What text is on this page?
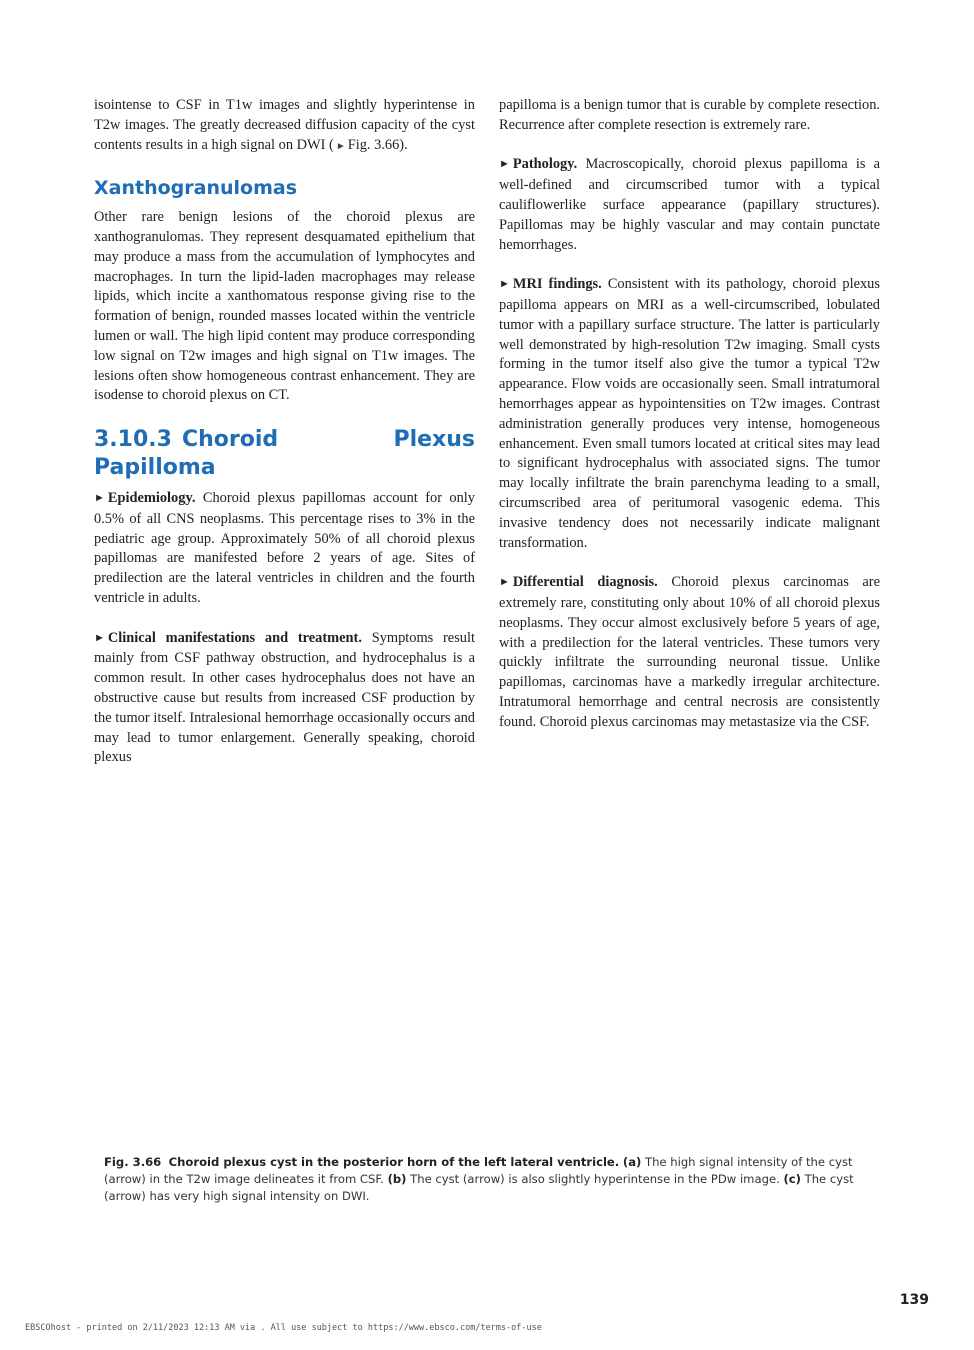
isointense to CSF in T1w images and slightly hyperintense in T2w images. The greatly decreased diffusion capacity of the cyst contents results in a high signal on DWI ( ► Fig. 3.66).

Xanthogranulomas

Other rare benign lesions of the choroid plexus are xanthogranulomas. They represent desquamated epithelium that may produce a mass from the accumulation of lymphocytes and macrophages. In turn the lipid-laden macrophages may release lipids, which incite a xanthomatous response giving rise to the formation of benign, rounded masses located within the ventricle lumen or wall. The high lipid content may produce corresponding low signal on T2w images and high signal on T1w images. The lesions often show homogeneous contrast enhancement. They are isodense to choroid plexus on CT.

3.10.3 Choroid Plexus Papilloma

► Epidemiology. Choroid plexus papillomas account for only 0.5% of all CNS neoplasms. This percentage rises to 3% in the pediatric age group. Approximately 50% of all choroid plexus papillomas are manifested before 2 years of age. Sites of predilection are the lateral ventricles in children and the fourth ventricle in adults.

► Clinical manifestations and treatment. Symptoms result mainly from CSF pathway obstruction, and hydrocephalus is a common result. In other cases hydrocephalus does not have an obstructive cause but results from increased CSF production by the tumor itself. Intralesional hemorrhage occasionally occurs and may lead to tumor enlargement. Generally speaking, choroid plexus

papilloma is a benign tumor that is curable by complete resection. Recurrence after complete resection is extremely rare.

► Pathology. Macroscopically, choroid plexus papilloma is a well-defined and circumscribed tumor with a typical cauliflowerlike surface appearance (papillary structures). Papillomas may be highly vascular and may contain punctate hemorrhages.

► MRI findings. Consistent with its pathology, choroid plexus papilloma appears on MRI as a well-circumscribed, lobulated tumor with a papillary surface structure. The latter is particularly well demonstrated by high-resolution T2w imaging. Small cysts forming in the tumor itself also give the tumor a typical T2w appearance. Flow voids are occasionally seen. Small intratumoral hemorrhages appear as hypointensities on T2w images. Contrast administration generally produces very intense, homogeneous enhancement. Even small tumors located at critical sites may lead to significant hydrocephalus with associated signs. The tumor may locally infiltrate the brain parenchyma leading to a small, circumscribed area of peritumoral vasogenic edema. This invasive tendency does not necessarily indicate malignant transformation.

► Differential diagnosis. Choroid plexus carcinomas are extremely rare, constituting only about 10% of all choroid plexus neoplasms. They occur almost exclusively before 5 years of age, with a predilection for the lateral ventricles. These tumors very quickly infiltrate the surrounding neuronal tissue. Unlike papillomas, carcinomas have a markedly irregular architecture. Intratumoral hemorrhage and central necrosis are consistently found. Choroid plexus carcinomas may metastasize via the CSF.

Fig. 3.66 Choroid plexus cyst in the posterior horn of the left lateral ventricle. (a) The high signal intensity of the cyst (arrow) in the T2w image delineates it from CSF. (b) The cyst (arrow) is also slightly hyperintense in the PDw image. (c) The cyst (arrow) has very high signal intensity on DWI.
139
EBSCOhost - printed on 2/11/2023 12:13 AM via . All use subject to https://www.ebsco.com/terms-of-use
